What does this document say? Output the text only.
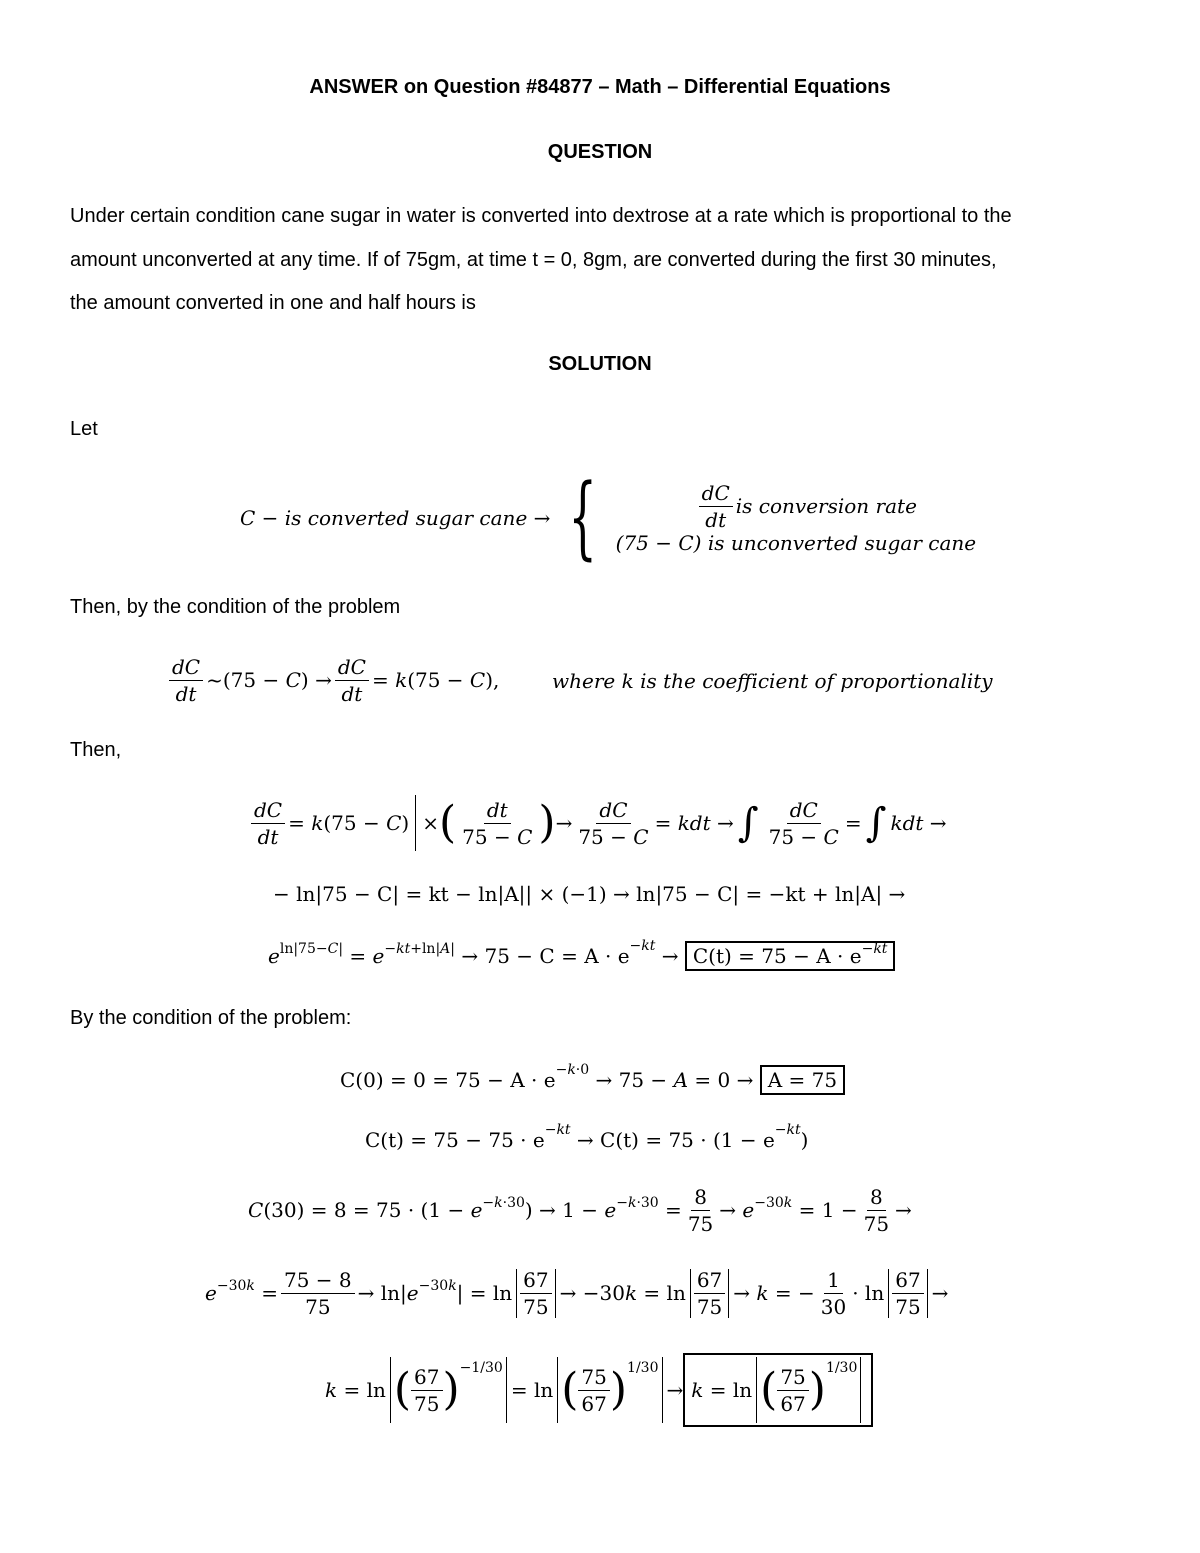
ANSWER on Question #84877 – Math – Differential Equations
QUESTION
Under certain condition cane sugar in water is converted into dextrose at a rate which is proportional to the
amount unconverted at any time. If of 75gm, at time t = 0, 8gm, are converted during the first 30 minutes,
the amount converted in one and half hours is
SOLUTION
Let
C − is converted sugar cane → {	dC
dt
is conversion rate
(75 − C) is unconverted sugar cane
Then, by the condition of the problem
dC
dt
~(75 − $C) \to \frac{dC}{dt} = k(75 - C)$,	where k is the coefficient of proportionality
Then,
$\frac{dC}{dt} = k(75 - C)$ × ( dt
75 − C ) → $\frac{dC}{75 - C}$ = kdt → ∫ $\frac{dC}{75 - C}$ = ∫ kdt →
− ln|75 − C| = kt − ln|A|| × (−1) → ln|75 − C| = −kt + ln|A| →
$e^{ln|75-C|} = e^{-kt+ln|A|}$
→ $75 - C = A \cdot e -kt \to C(t) = 75 - A \cdot e^{-kt}$
By the condition of the problem:
C(0) = 0 = 75 − A · e −k·0 → 75 − A = 0 → A = 75
C(t) = 75 − 75 · e −kt
→ C(t) = 75 · (1 − e −kt )
$C(30) = 8 = 75 \cdot (1 - e^{-k\cdot 30}) \to 1 - e^{-k\cdot 30} = \frac{8}{75} \to e^{-30k} = 1 - \frac{8}{75}$ →
$e^{-30k} = \frac{75 - 8}{75} \to \ln|e^{-30k}| = \ln$
67
75
→ −30k = ln
67
75
→ k = − $\frac{1}{30} \cdot \ln$
67
75
→
k = ln ( 67
75 ) −1/30
= ln ( 75
67 ) 1/30
→ k = ln ( 75
67 ) 1/30
